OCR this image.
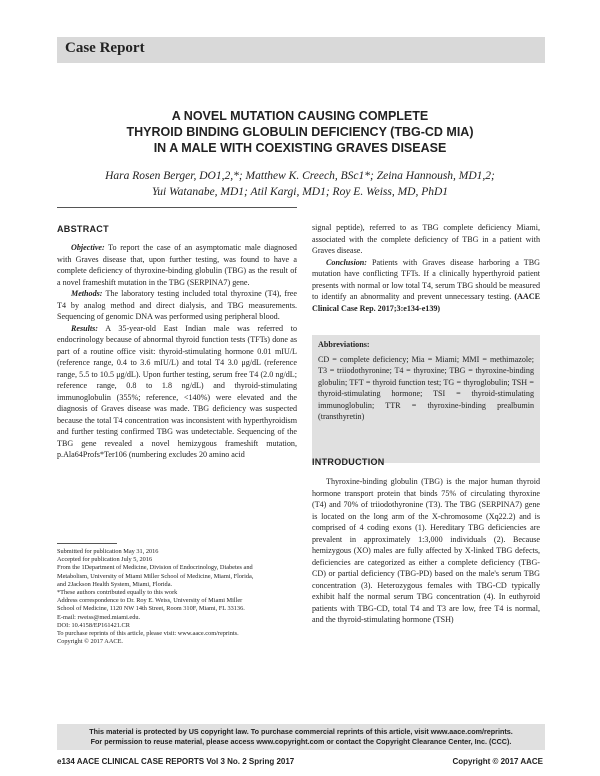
Case Report
A NOVEL MUTATION CAUSING COMPLETE
THYROID BINDING GLOBULIN DEFICIENCY (TBG-CD MIA)
IN A MALE WITH COEXISTING GRAVES DISEASE
Hara Rosen Berger, DO1,2,*; Matthew K. Creech, BSc1*; Zeina Hannoush, MD1,2;
Yui Watanabe, MD1; Atil Kargi, MD1; Roy E. Weiss, MD, PhD1
ABSTRACT

Objective: To report the case of an asymptomatic male diagnosed with Graves disease that, upon further testing, was found to have a complete deficiency of thyroxine-binding globulin (TBG) as the result of a novel frameshift mutation in the TBG (SERPINA7) gene.

Methods: The laboratory testing included total thyroxine (T4), free T4 by analog method and direct dialysis, and TBG measurements. Sequencing of genomic DNA was performed using peripheral blood.

Results: A 35-year-old East Indian male was referred to endocrinology because of abnormal thyroid function tests (TFTs) done as part of a routine office visit: thyroid-stimulating hormone 0.01 mIU/L (reference range, 0.4 to 3.6 mIU/L) and total T4 3.0 μg/dL (reference range, 5.5 to 10.5 μg/dL). Upon further testing, serum free T4 (2.0 ng/dL; reference range, 0.8 to 1.8 ng/dL) and thyroid-stimulating immunoglobulin (355%; reference, <140%) were elevated and the diagnosis of Graves disease was made. TBG deficiency was suspected because the total T4 concentration was inconsistent with hyperthyroidism and further testing confirmed TBG was undetectable. Sequencing of the TBG gene revealed a novel hemizygous frameshift mutation, p.Ala64Profs*Ter106 (numbering excludes 20 amino acid

Submitted for publication May 31, 2016
Accepted for publication July 5, 2016
From the 1Department of Medicine, Division of Endocrinology, Diabetes and
Metabolism, University of Miami Miller School of Medicine, Miami, Florida,
and 2Jackson Health System, Miami, Florida.
*These authors contributed equally to this work
Address correspondence to Dr. Roy E. Weiss, University of Miami Miller
School of Medicine, 1120 NW 14th Street, Room 310F, Miami, FL 33136.
E-mail: rweiss@med.miami.edu.
DOI: 10.4158/EP161421.CR
To purchase reprints of this article, please visit: www.aace.com/reprints.
Copyright © 2017 AACE.

signal peptide), referred to as TBG complete deficiency Miami, associated with the complete deficiency of TBG in a patient with Graves disease.

Conclusion: Patients with Graves disease harboring a TBG mutation have conflicting TFTs. If a clinically hyperthyroid patient presents with normal or low total T4, serum TBG should be measured to identify an abnormality and prevent unnecessary testing. (AACE Clinical Case Rep. 2017;3:e134-e139)

Abbreviations:
CD = complete deficiency; Mia = Miami; MMI = methimazole; T3 = triiodothyronine; T4 = thyroxine; TBG = thyroxine-binding globulin; TFT = thyroid function test; TG = thyroglobulin; TSH = thyroid-stimulating hormone; TSI = thyroid-stimulating immunoglobulin; TTR = thyroxine-binding prealbumin (transthyretin)
INTRODUCTION

Thyroxine-binding globulin (TBG) is the major human thyroid hormone transport protein that binds 75% of circulating thyroxine (T4) and 70% of triiodothyronine (T3). The TBG (SERPINA7) gene is located on the long arm of the X-chromosome (Xq22.2) and is comprised of 4 coding exons (1). Hereditary TBG deficiencies are prevalent in approximately 1:3,000 individuals (2). Because hemizygous (XO) males are fully affected by X-linked TBG defects, deficiencies are categorized as either a complete deficiency (TBG-CD) or partial deficiency (TBG-PD) based on the male's serum TBG concentration (3). Heterozygous females with TBG-CD typically exhibit half the normal serum TBG concentration (4). In euthyroid patients with TBG-CD, total T4 and T3 are low, free T4 is normal, and the thyroid-stimulating hormone (TSH)

This material is protected by US copyright law. To purchase commercial reprints of this article, visit www.aace.com/reprints.
For permission to reuse material, please access www.copyright.com or contact the Copyright Clearance Center, Inc. (CCC).
e134 AACE CLINICAL CASE REPORTS Vol 3 No. 2 Spring 2017	Copyright © 2017 AACE
